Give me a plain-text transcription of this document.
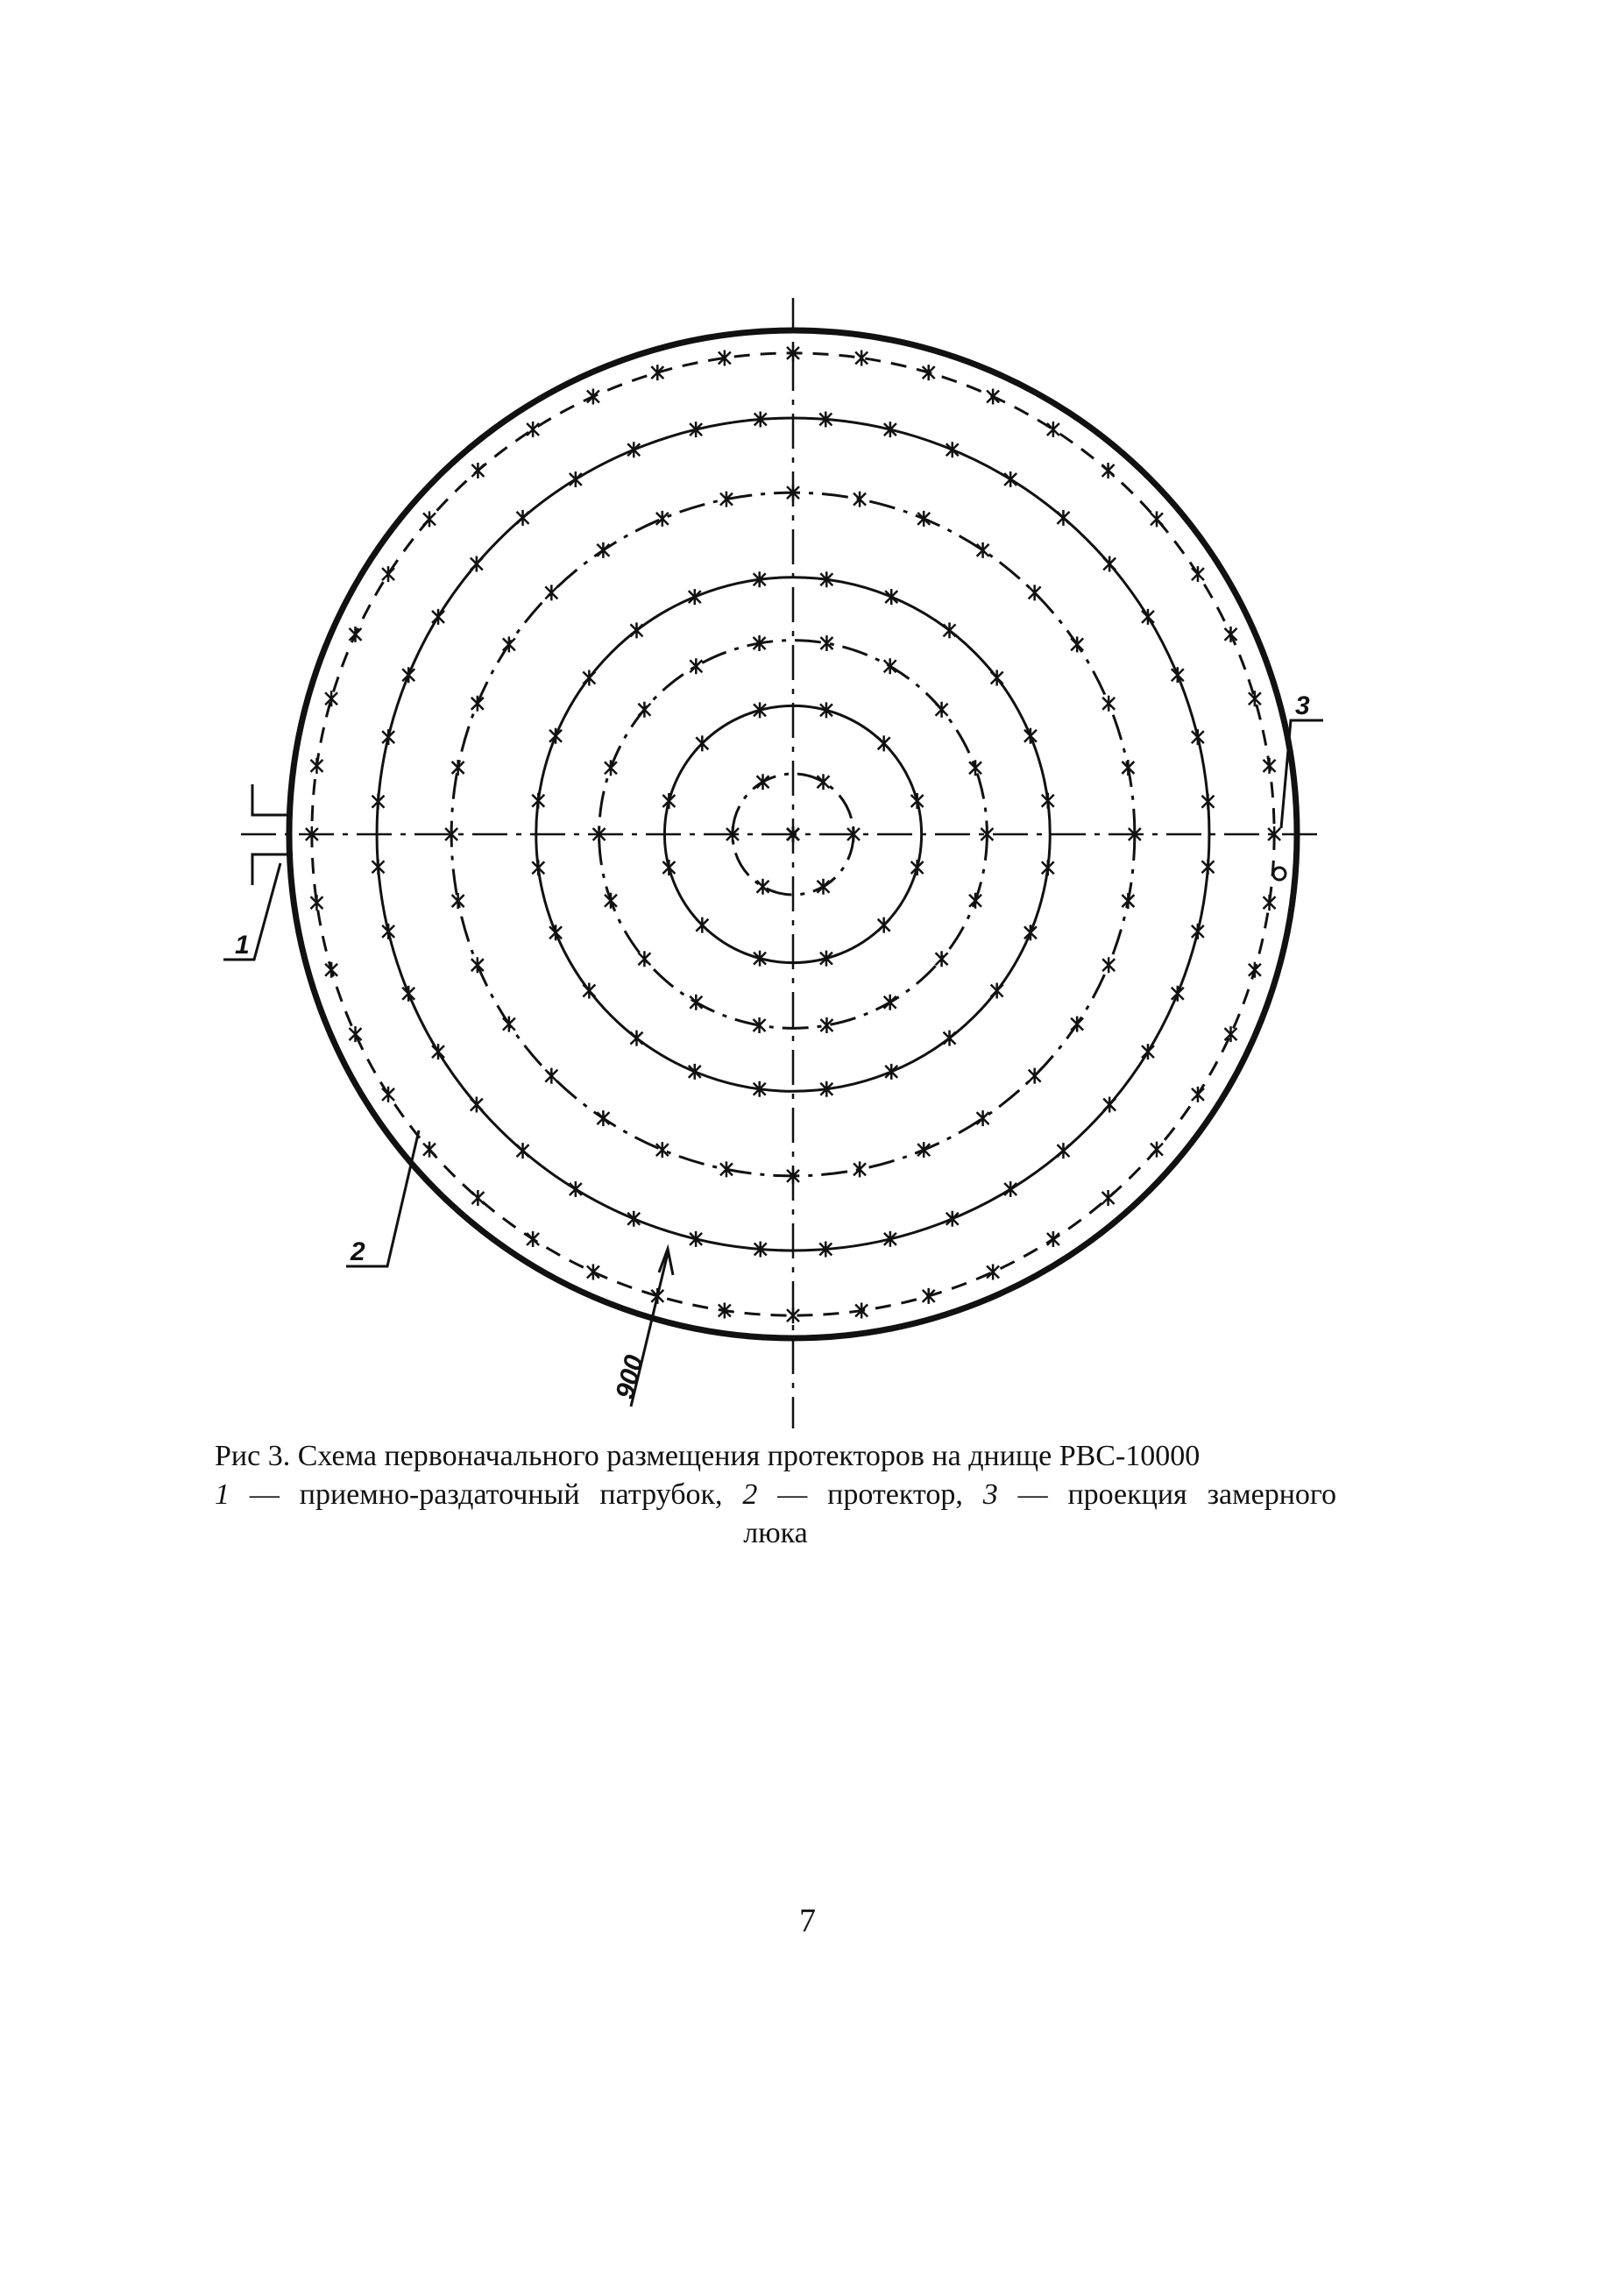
1
2
3
900
Рис 3. Схема первоначального размещения протекторов на днище РВС-10000
1 — приемно-раздаточный патрубок, 2 — протектор, 3 — проекция замерного
люка
7
